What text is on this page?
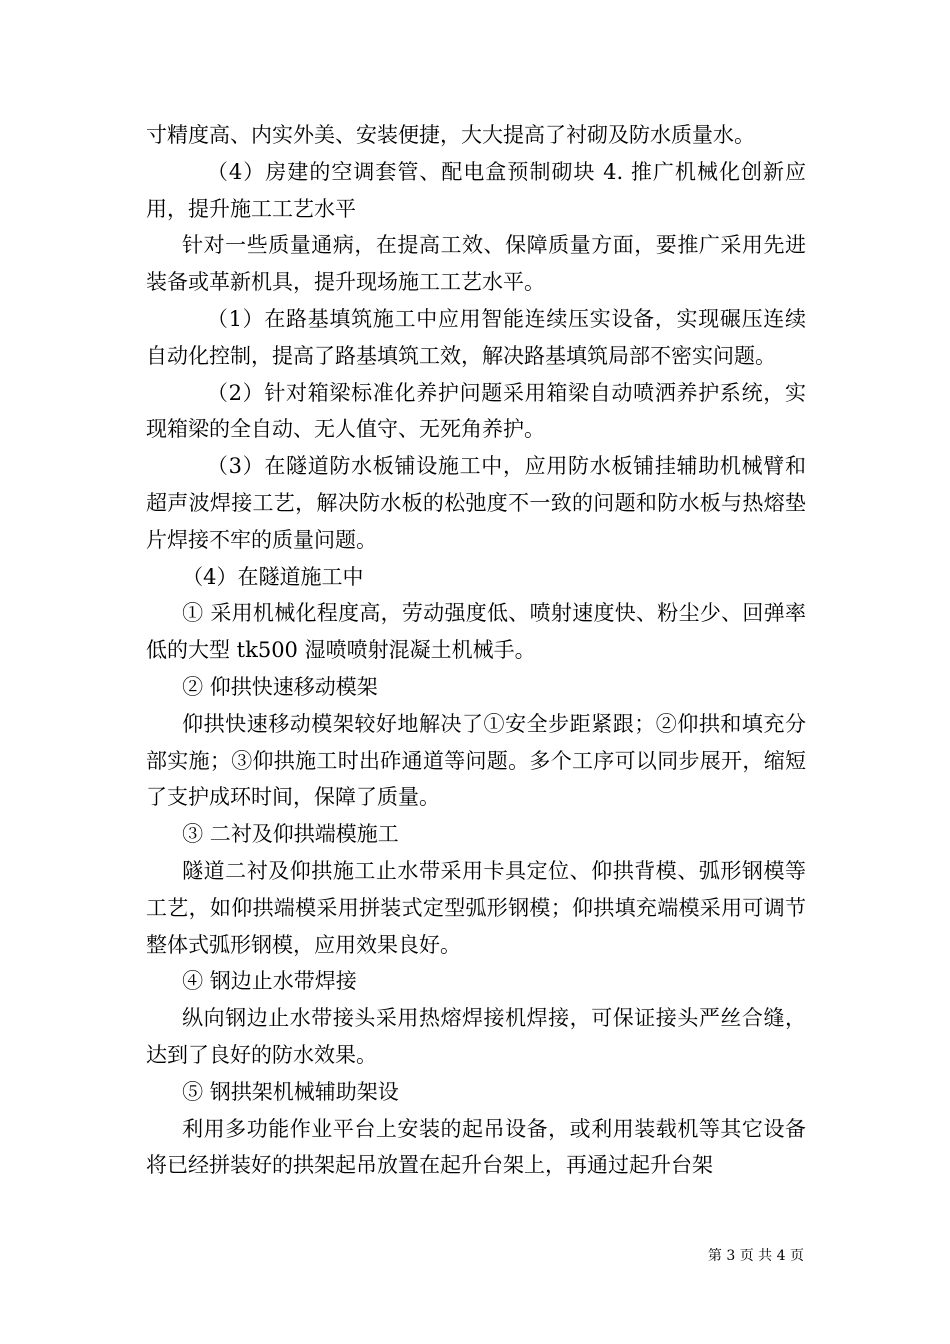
寸精度高、内实外美、安装便捷，大大提高了衬砌及防水质量水。

（4）房建的空调套管、配电盒预制砌块 4. 推广机械化创新应用，提升施工工艺水平

针对一些质量通病，在提高工效、保障质量方面，要推广采用先进装备或革新机具，提升现场施工工艺水平。

（1）在路基填筑施工中应用智能连续压实设备，实现碾压连续自动化控制，提高了路基填筑工效，解决路基填筑局部不密实问题。

（2）针对箱梁标准化养护问题采用箱梁自动喷洒养护系统，实现箱梁的全自动、无人值守、无死角养护。

（3）在隧道防水板铺设施工中，应用防水板铺挂辅助机械臂和超声波焊接工艺，解决防水板的松弛度不一致的问题和防水板与热熔垫片焊接不牢的质量问题。

（4）在隧道施工中

① 采用机械化程度高，劳动强度低、喷射速度快、粉尘少、回弹率低的大型 tk500 湿喷喷射混凝土机械手。

② 仰拱快速移动模架

仰拱快速移动模架较好地解决了①安全步距紧跟；②仰拱和填充分部实施；③仰拱施工时出砟通道等问题。多个工序可以同步展开，缩短了支护成环时间，保障了质量。

③ 二衬及仰拱端模施工

隧道二衬及仰拱施工止水带采用卡具定位、仰拱背模、弧形钢模等工艺，如仰拱端模采用拼装式定型弧形钢模；仰拱填充端模采用可调节整体式弧形钢模，应用效果良好。

④ 钢边止水带焊接

纵向钢边止水带接头采用热熔焊接机焊接，可保证接头严丝合缝，达到了良好的防水效果。

⑤ 钢拱架机械辅助架设

利用多功能作业平台上安装的起吊设备，或利用装载机等其它设备将已经拼装好的拱架起吊放置在起升台架上，再通过起升台架

第 3 页 共 4 页
